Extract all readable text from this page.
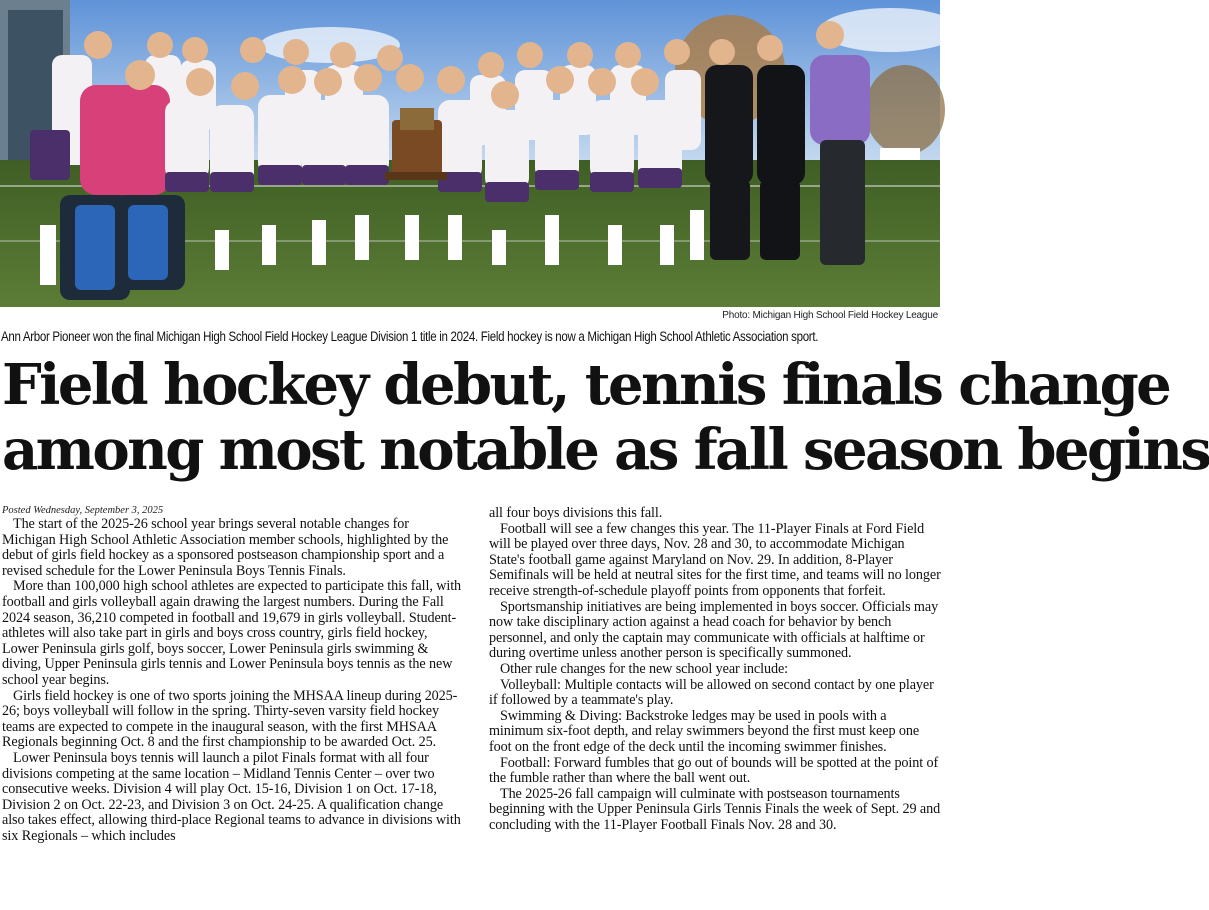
Photo: Michigan High School Field Hockey League
Ann Arbor Pioneer won the final Michigan High School Field Hockey League Division 1 title in 2024. Field hockey is now a Michigan High School Athletic Association sport.
Field hockey debut, tennis finals change
among most notable as fall season begins
Posted Wednesday, September 3, 2025

The start of the 2025-26 school year brings several notable changes for Michigan High School Athletic Association member schools, highlighted by the debut of girls field hockey as a sponsored postseason championship sport and a revised schedule for the Lower Peninsula Boys Tennis Finals.

More than 100,000 high school athletes are expected to participate this fall, with football and girls volleyball again drawing the largest numbers. During the Fall 2024 season, 36,210 competed in football and 19,679 in girls volleyball. Student-athletes will also take part in girls and boys cross country, girls field hockey, Lower Peninsula girls golf, boys soccer, Lower Peninsula girls swimming & diving, Upper Peninsula girls tennis and Lower Peninsula boys tennis as the new school year begins.

Girls field hockey is one of two sports joining the MHSAA lineup during 2025-26; boys volleyball will follow in the spring. Thirty-seven varsity field hockey teams are expected to compete in the inaugural season, with the first MHSAA Regionals beginning Oct. 8 and the first championship to be awarded Oct. 25.

Lower Peninsula boys tennis will launch a pilot Finals format with all four divisions competing at the same location – Midland Tennis Center – over two consecutive weeks. Division 4 will play Oct. 15-16, Division 1 on Oct. 17-18, Division 2 on Oct. 22-23, and Division 3 on Oct. 24-25. A qualification change also takes effect, allowing third-place Regional teams to advance in divisions with six Regionals – which includes

all four boys divisions this fall.

Football will see a few changes this year. The 11-Player Finals at Ford Field will be played over three days, Nov. 28 and 30, to accommodate Michigan State's football game against Maryland on Nov. 29. In addition, 8-Player Semifinals will be held at neutral sites for the first time, and teams will no longer receive strength-of-schedule playoff points from opponents that forfeit.

Sportsmanship initiatives are being implemented in boys soccer. Officials may now take disciplinary action against a head coach for behavior by bench personnel, and only the captain may communicate with officials at halftime or during overtime unless another person is specifically summoned.

Other rule changes for the new school year include:

Volleyball: Multiple contacts will be allowed on second contact by one player if followed by a teammate's play.

Swimming & Diving: Backstroke ledges may be used in pools with a minimum six-foot depth, and relay swimmers beyond the first must keep one foot on the front edge of the deck until the incoming swimmer finishes.

Football: Forward fumbles that go out of bounds will be spotted at the point of the fumble rather than where the ball went out.

The 2025-26 fall campaign will culminate with postseason tournaments beginning with the Upper Peninsula Girls Tennis Finals the week of Sept. 29 and concluding with the 11-Player Football Finals Nov. 28 and 30.
